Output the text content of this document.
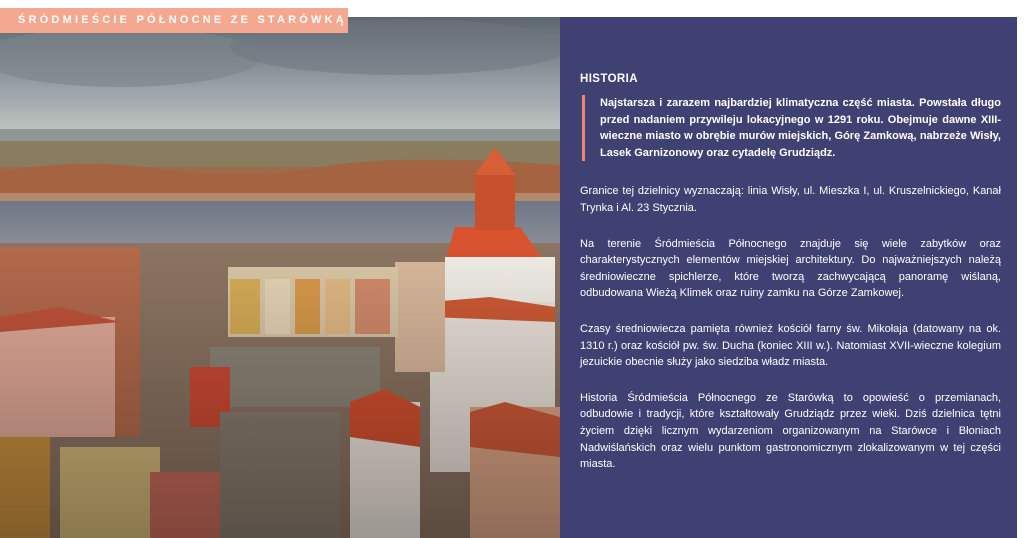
ŚRÓDMIEŚCIE PÓŁNOCNE ZE STARÓWKĄ
HISTORIA
Najstarsza i zarazem najbardziej klimatyczna część miasta. Powstała długo przed nadaniem przywileju lokacyjnego w 1291 roku. Obejmuje dawne XIII-wieczne miasto w obrębie murów miejskich, Górę Zamkową, nabrzeże Wisły, Lasek Garnizonowy oraz cytadelę Grudziądz.

Granice tej dzielnicy wyznaczają: linia Wisły, ul. Mieszka I, ul. Kruszelnickiego, Kanał Trynka i Al. 23 Stycznia.

Na terenie Śródmieścia Północnego znajduje się wiele zabytków oraz charakterystycznych elementów miejskiej architektury. Do najważniejszych należą średniowieczne spichlerze, które tworzą zachwycającą panoramę wiślaną, odbudowana Wieżą Klimek oraz ruiny zamku na Górze Zamkowej.

Czasy średniowiecza pamięta również kościół farny św. Mikołaja (datowany na ok. 1310 r.) oraz kościół pw. św. Ducha (koniec XIII w.). Natomiast XVII-wieczne kolegium jezuickie obecnie służy jako siedziba władz miasta.

Historia Śródmieścia Północnego ze Starówką to opowieść o przemianach, odbudowie i tradycji, które kształtowały Grudziądz przez wieki. Dziś dzielnica tętni życiem dzięki licznym wydarzeniom organizowanym na Starówce i Błoniach Nadwiślańskich oraz wielu punktom gastronomicznym zlokalizowanym w tej części miasta.
